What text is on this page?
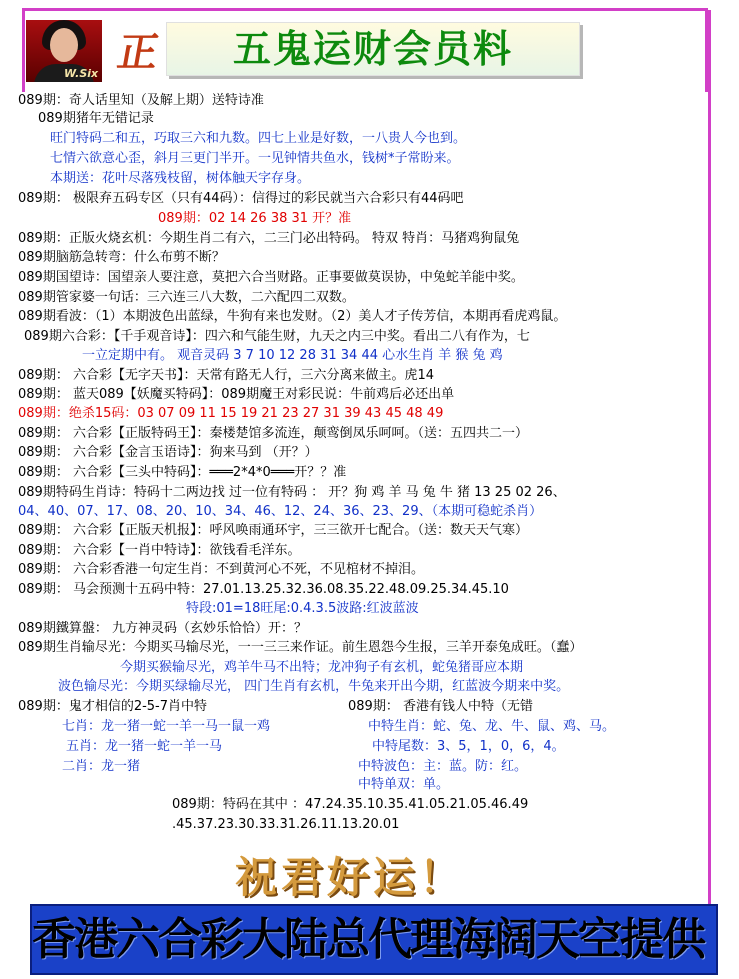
W.Six 正	五鬼运财会员料
089期：奇人话里知（及解上期）送特诗准
089期猪年无错记录
旺门特码二和五，巧取三六和九数。四七上业是好数，一八贵人今也到。
七情六欲意心歪，斜月三更门半开。一见钟情共鱼水，钱树*子常盼来。
本期送：花叶尽落残枝留，树体触天字存身。
089期： 极限弃五码专区（只有44码）：信得过的彩民就当六合彩只有44码吧
089期：02 14 26 38 31 开？准
089期：正版火烧玄机：今期生肖二有六，二三门必出特码。 特双 特肖：马猪鸡狗鼠兔
089期脑筋急转弯：什么布剪不断？
089期国望诗：国望亲人要注意，莫把六合当财路。正事要做莫误协，中兔蛇羊能中奖。
089期管家婆一句话：三六连三八大数，二六配四二双数。
089期看波：（1）本期波色出蓝绿，牛狗有来也发财。（2）美人才子传芳信，本期再看虎鸡鼠。
089期六合彩：【千手观音诗】：四六和气能生财，九天之内三中奖。看出二八有作为，七
一立定期中有。 观音灵码 3 7 10 12 28 31 34 44 心水生肖 羊 猴 兔 鸡
089期： 六合彩【无字天书】：天常有路无人行，三六分离来做主。虎14
089期： 蓝天089【妖魔买特码】：089期魔王对彩民说：牛前鸡后必还出单
089期：绝杀15码：03 07 09 11 15 19 21 23 27 31 39 43 45 48 49
089期： 六合彩【正版特码王】：秦楼楚馆多流连，颠鸾倒凤乐呵呵。（送：五四共二一）
089期： 六合彩【金言玉语诗】：狗来马到 （开？）
089期： 六合彩【三头中特码】：═══2*4*0═══开？？准
089期特码生肖诗：特码十二两边找 过一位有特码 ： 开？狗 鸡 羊 马 兔 牛 猪 13 25 02 26、
04、40、07、17、08、20、10、34、46、12、24、36、23、29、（本期可稳蛇杀肖）
089期： 六合彩【正版天机报】：呼风唤雨通环宇，三三欲开七配合。（送：数天天气寒）
089期： 六合彩【一肖中特诗】：欲钱看毛洋东。
089期： 六合彩香港一句定生肖：不到黄河心不死，不见棺材不掉泪。
089期： 马会预测十五码中特：27.01.13.25.32.36.08.35.22.48.09.25.34.45.10
特段:01=18旺尾:0.4.3.5波路:红波蓝波
089期鐵算盤： 九方神灵码（玄妙乐恰恰）开：？
089期生肖输尽光：今期买马输尽光，一一三三来作证。前生恩怨今生报，三羊开泰兔成旺。（蠢）
今期买猴输尽光，鸡羊牛马不出特；龙冲狗子有玄机，蛇兔猪哥应本期
波色输尽光：今期买绿输尽光， 四门生肖有玄机，牛兔来开出今期，红蓝波今期来中奖。
089期：鬼才相信的2-5-7肖中特	089期： 香港有钱人中特（无错
七肖：龙一猪一蛇一羊一马一鼠一鸡	中特生肖：蛇、兔、龙、牛、鼠、鸡、马。
五肖：龙一猪一蛇一羊一马	中特尾数：3、5，1，0，6，4。
二肖：龙一猪	中特波色：主：蓝。防：红。
中特单双：单。
089期：特码在其中 ：47.24.35.10.35.41.05.21.05.46.49
.45.37.23.30.33.31.26.11.13.20.01
祝君好运！
香港六合彩大陆总代理海阔天空提供
